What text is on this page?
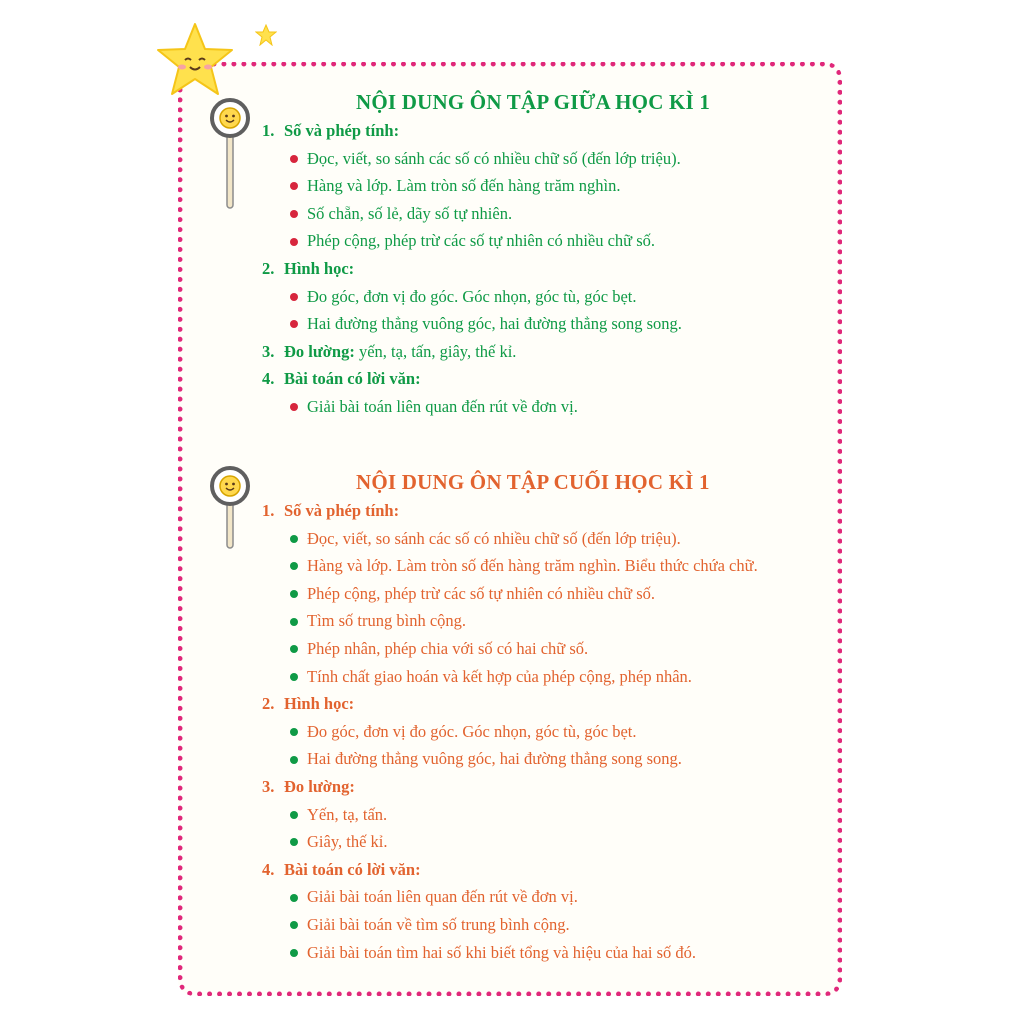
NỘI DUNG ÔN TẬP GIỮA HỌC KÌ 1
1. Số và phép tính:
Đọc, viết, so sánh các số có nhiều chữ số (đến lớp triệu).
Hàng và lớp. Làm tròn số đến hàng trăm nghìn.
Số chẵn, số lẻ, dãy số tự nhiên.
Phép cộng, phép trừ các số tự nhiên có nhiều chữ số.
2. Hình học:
Đo góc, đơn vị đo góc. Góc nhọn, góc tù, góc bẹt.
Hai đường thẳng vuông góc, hai đường thẳng song song.
3. Đo lường: yến, tạ, tấn, giây, thế kỉ.
4. Bài toán có lời văn:
Giải bài toán liên quan đến rút về đơn vị.
NỘI DUNG ÔN TẬP CUỐI HỌC KÌ 1
1. Số và phép tính:
Đọc, viết, so sánh các số có nhiều chữ số (đến lớp triệu).
Hàng và lớp. Làm tròn số đến hàng trăm nghìn. Biểu thức chứa chữ.
Phép cộng, phép trừ các số tự nhiên có nhiều chữ số.
Tìm số trung bình cộng.
Phép nhân, phép chia với số có hai chữ số.
Tính chất giao hoán và kết hợp của phép cộng, phép nhân.
2. Hình học:
Đo góc, đơn vị đo góc. Góc nhọn, góc tù, góc bẹt.
Hai đường thẳng vuông góc, hai đường thẳng song song.
3. Đo lường:
Yến, tạ, tấn.
Giây, thế kỉ.
4. Bài toán có lời văn:
Giải bài toán liên quan đến rút về đơn vị.
Giải bài toán về tìm số trung bình cộng.
Giải bài toán tìm hai số khi biết tổng và hiệu của hai số đó.
